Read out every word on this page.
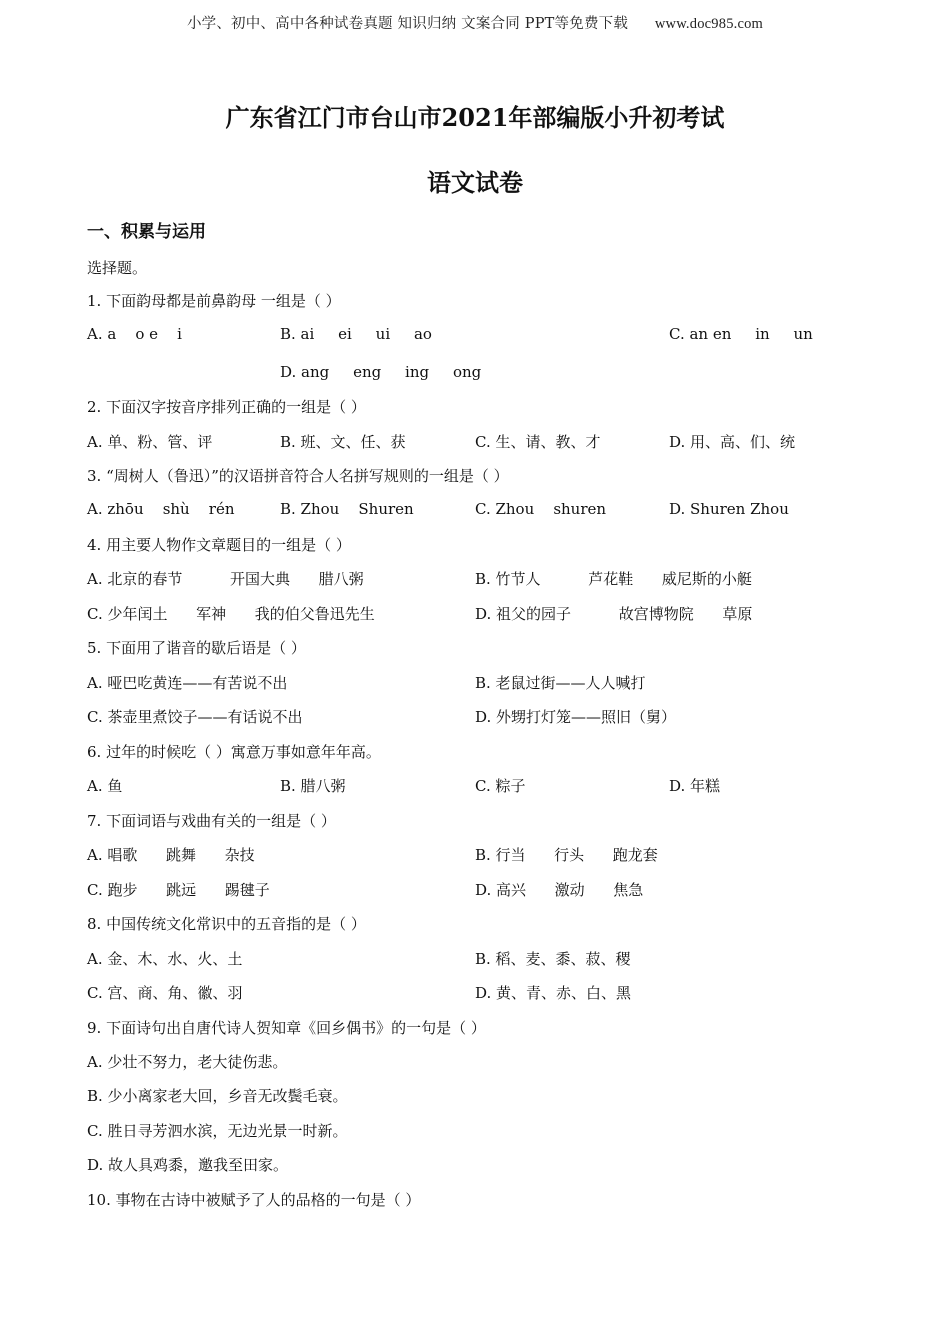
小学、初中、高中各种试卷真题 知识归纳 文案合同 PPT等免费下载 www.doc985.com
广东省江门市台山市2021年部编版小升初考试
语文试卷
一、积累与运用
选择题。
1. 下面韵母都是前鼻韵母 一组是（ ）
A. a    o e    i	B. ai     ei     ui     ao	C. an en     in     un
D. ang     eng     ing     ong
2. 下面汉字按音序排列正确的一组是（ ）
A. 单、粉、管、评	B. 班、文、任、获	C. 生、请、教、才	D. 用、高、们、统
3. “周树人（鲁迅）”的汉语拼音符合人名拼写规则的一组是（ ）
A. zhōu    shù    rén	B. Zhou    Shuren	C. Zhou    shuren	D. Shuren Zhou
4. 用主要人物作文章题目的一组是（ ）
A. 北京的春节          开国大典      腊八粥	B. 竹节人          芦花鞋      威尼斯的小艇
C. 少年闰土      军神      我的伯父鲁迅先生	D. 祖父的园子          故宫博物院      草原
5. 下面用了谐音的歇后语是（ ）
A. 哑巴吃黄连——有苦说不出	B. 老鼠过街——人人喊打
C. 茶壶里煮饺子——有话说不出	D. 外甥打灯笼——照旧（舅）
6. 过年的时候吃（ ）寓意万事如意年年高。
A. 鱼	B. 腊八粥	C. 粽子	D. 年糕
7. 下面词语与戏曲有关的一组是（ ）
A. 唱歌      跳舞      杂技	B. 行当      行头      跑龙套
C. 跑步      跳远      踢毽子	D. 高兴      激动      焦急
8. 中国传统文化常识中的五音指的是（ ）
A. 金、木、水、火、土	B. 稻、麦、黍、菽、稷
C. 宫、商、角、徽、羽	D. 黄、青、赤、白、黑
9. 下面诗句出自唐代诗人贺知章《回乡偶书》的一句是（ ）
A. 少壮不努力，老大徒伤悲。
B. 少小离家老大回，乡音无改鬓毛衰。
C. 胜日寻芳泗水滨，无边光景一时新。
D. 故人具鸡黍，邀我至田家。
10. 事物在古诗中被赋予了人的品格的一句是（ ）
